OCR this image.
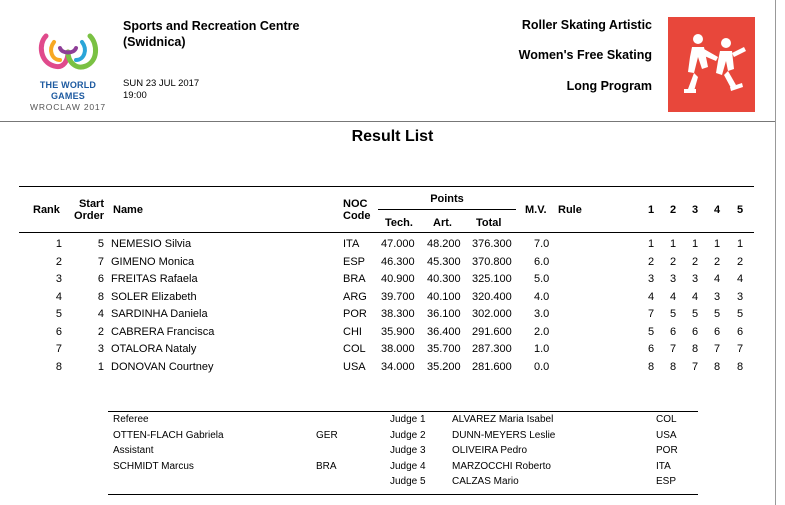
THE WORLD GAMES
WROCLAW 2017
Sports and Recreation Centre
(Swidnica)
SUN 23 JUL 2017
19:00
Roller Skating Artistic
Women's Free Skating
Long Program
Result List
Rank	Start
Order Name	NOC
Code
Points
Tech. Art. Total
M.V. Rule	1 2 3 4 5
1	5 NEMESIO Silvia	ITA	47.000	48.200	376.300	7.0	1 1 1 1 1
2	7 GIMENO Monica	ESP	46.300	45.300	370.800	6.0	2 2 2 2 2
3	6 FREITAS Rafaela	BRA	40.900	40.300	325.100	5.0	3 3 3 4 4
4	8 SOLER Elizabeth	ARG	39.700	40.100	320.400	4.0	4 4 4 3 3
5	4 SARDINHA Daniela	POR	38.300	36.100	302.000	3.0	7 5 5 5 5
6	2 CABRERA Francisca	CHI	35.900	36.400	291.600	2.0	5 6 6 6 6
7	3 OTALORA Nataly	COL	38.000	35.700	287.300	1.0	6 7 8 7 7
8	1 DONOVAN Courtney	USA	34.000	35.200	281.600	0.0	8 8 7 8 8
Referee
OTTEN-FLACH Gabriela	GER
Assistant
SCHMIDT Marcus	BRA
Judge 1	ALVAREZ Maria Isabel	COL
Judge 2	DUNN-MEYERS Leslie	USA
Judge 3	OLIVEIRA Pedro	POR
Judge 4	MARZOCCHI Roberto	ITA
Judge 5	CALZAS Mario	ESP
